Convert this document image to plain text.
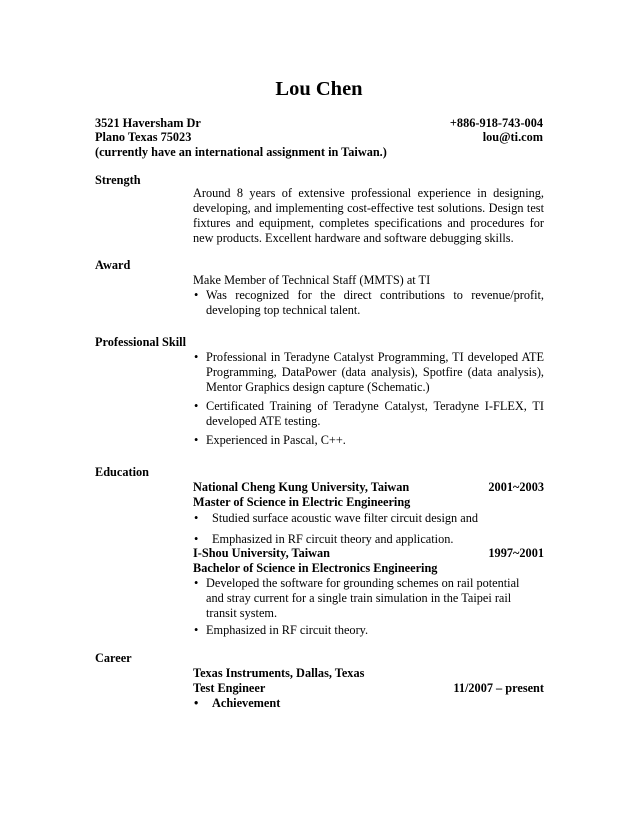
Lou Chen
3521 Haversham Dr	+886-918-743-004
Plano Texas 75023	lou@ti.com
(currently have an international assignment in Taiwan.)
Strength
Around 8 years of extensive professional experience in designing, developing, and implementing cost-effective test solutions. Design test fixtures and equipment, completes specifications and procedures for new products. Excellent hardware and software debugging skills.
Award
Make Member of Technical Staff (MMTS) at TI
• Was recognized for the direct contributions to revenue/profit, developing top technical talent.
Professional Skill
• Professional in Teradyne Catalyst Programming, TI developed ATE Programming, DataPower (data analysis), Spotfire (data analysis), Mentor Graphics design capture (Schematic.)
• Certificated Training of Teradyne Catalyst, Teradyne I-FLEX, TI developed ATE testing.
• Experienced in Pascal, C++.
Education
National Cheng Kung University, Taiwan	2001~2003
Master of Science in Electric Engineering
• Studied surface acoustic wave filter circuit design and
• Emphasized in RF circuit theory and application.
I-Shou University, Taiwan	1997~2001
Bachelor of Science in Electronics Engineering
• Developed the software for grounding schemes on rail potential and stray current for a single train simulation in the Taipei rail transit system.
• Emphasized in RF circuit theory.
Career
Texas Instruments, Dallas, Texas
Test Engineer	11/2007 – present
• Achievement
